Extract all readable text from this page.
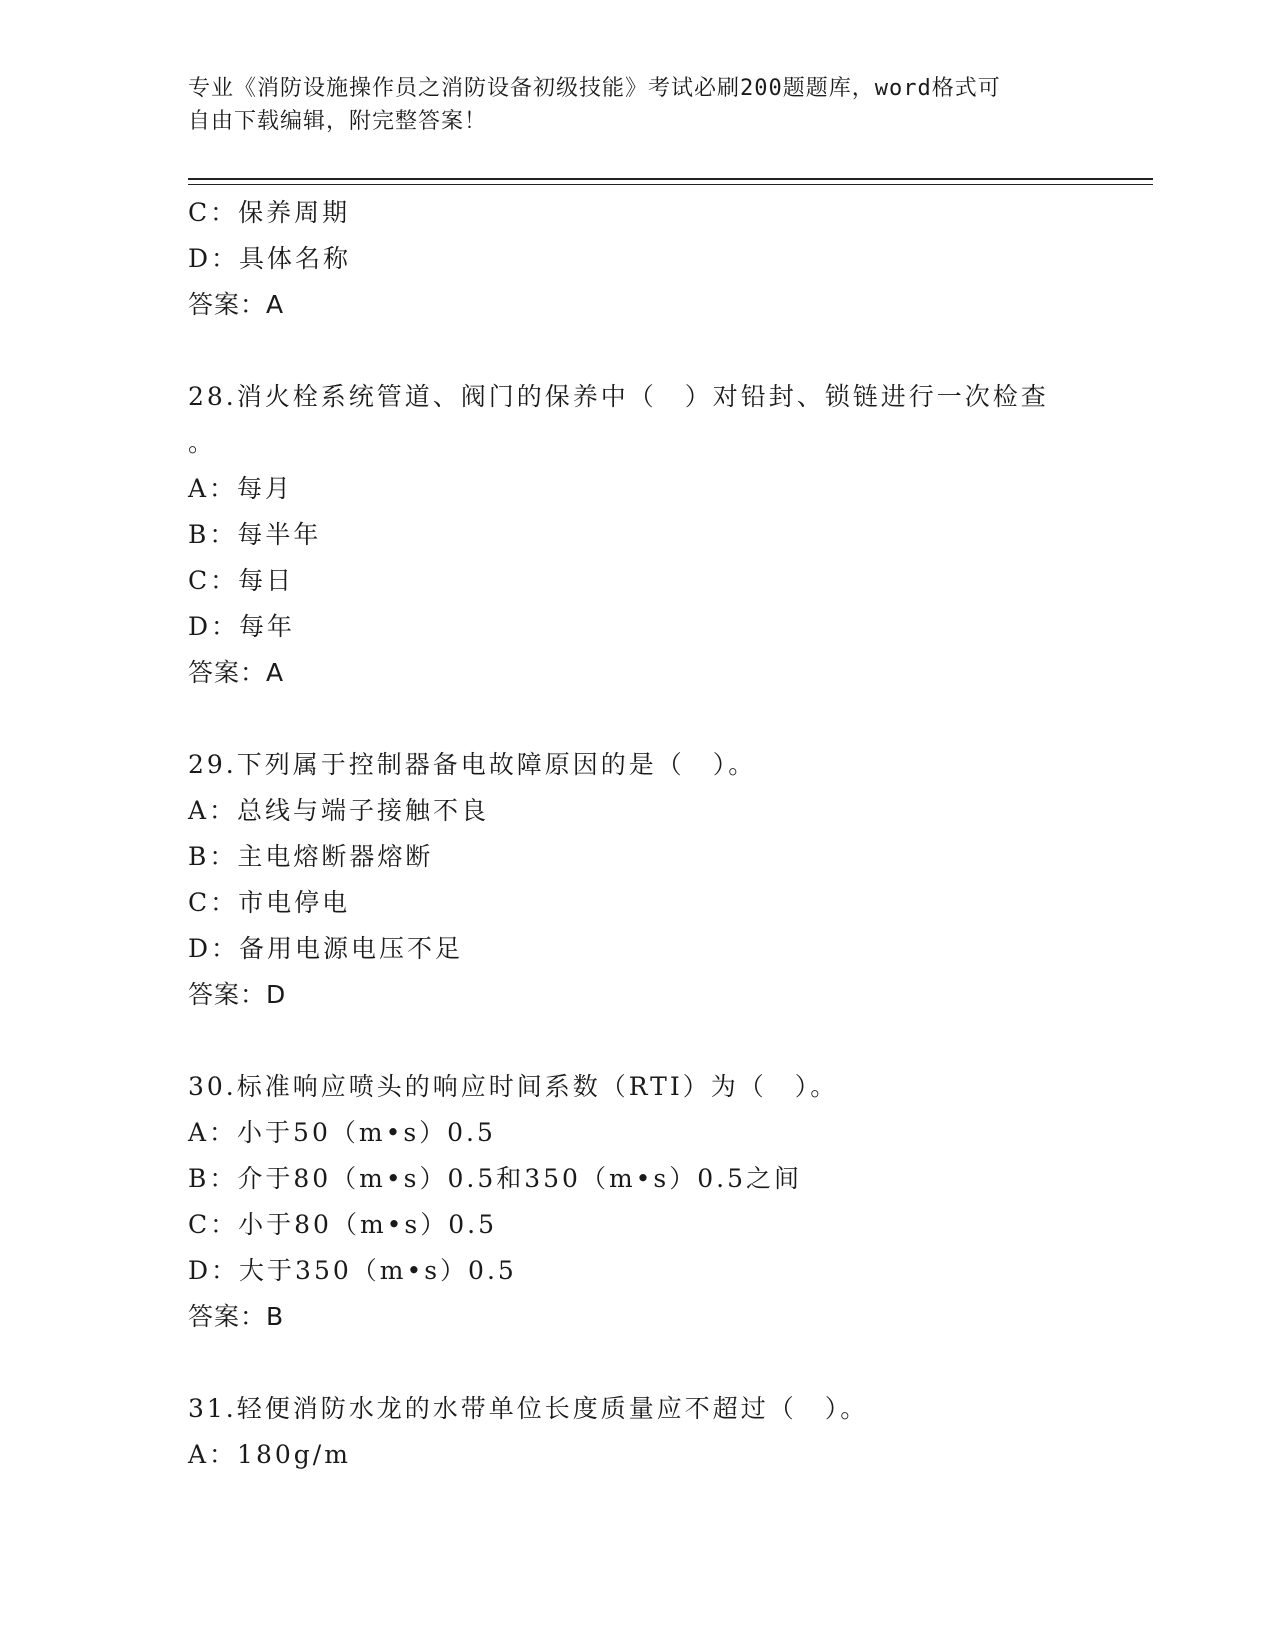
专业《消防设施操作员之消防设备初级技能》考试必刷200题题库，word格式可
自由下载编辑，附完整答案！
C：保养周期
D：具体名称
答案：A
28.消火栓系统管道、阀门的保养中（　）对铅封、锁链进行一次检查
。
A：每月
B：每半年
C：每日
D：每年
答案：A
29.下列属于控制器备电故障原因的是（　）。
A：总线与端子接触不良
B：主电熔断器熔断
C：市电停电
D：备用电源电压不足
答案：D
30.标准响应喷头的响应时间系数（RTI）为（　）。
A：小于50（m•s）0.5
B：介于80（m•s）0.5和350（m•s）0.5之间
C：小于80（m•s）0.5
D：大于350（m•s）0.5
答案：B
31.轻便消防水龙的水带单位长度质量应不超过（　）。
A：180g/m
